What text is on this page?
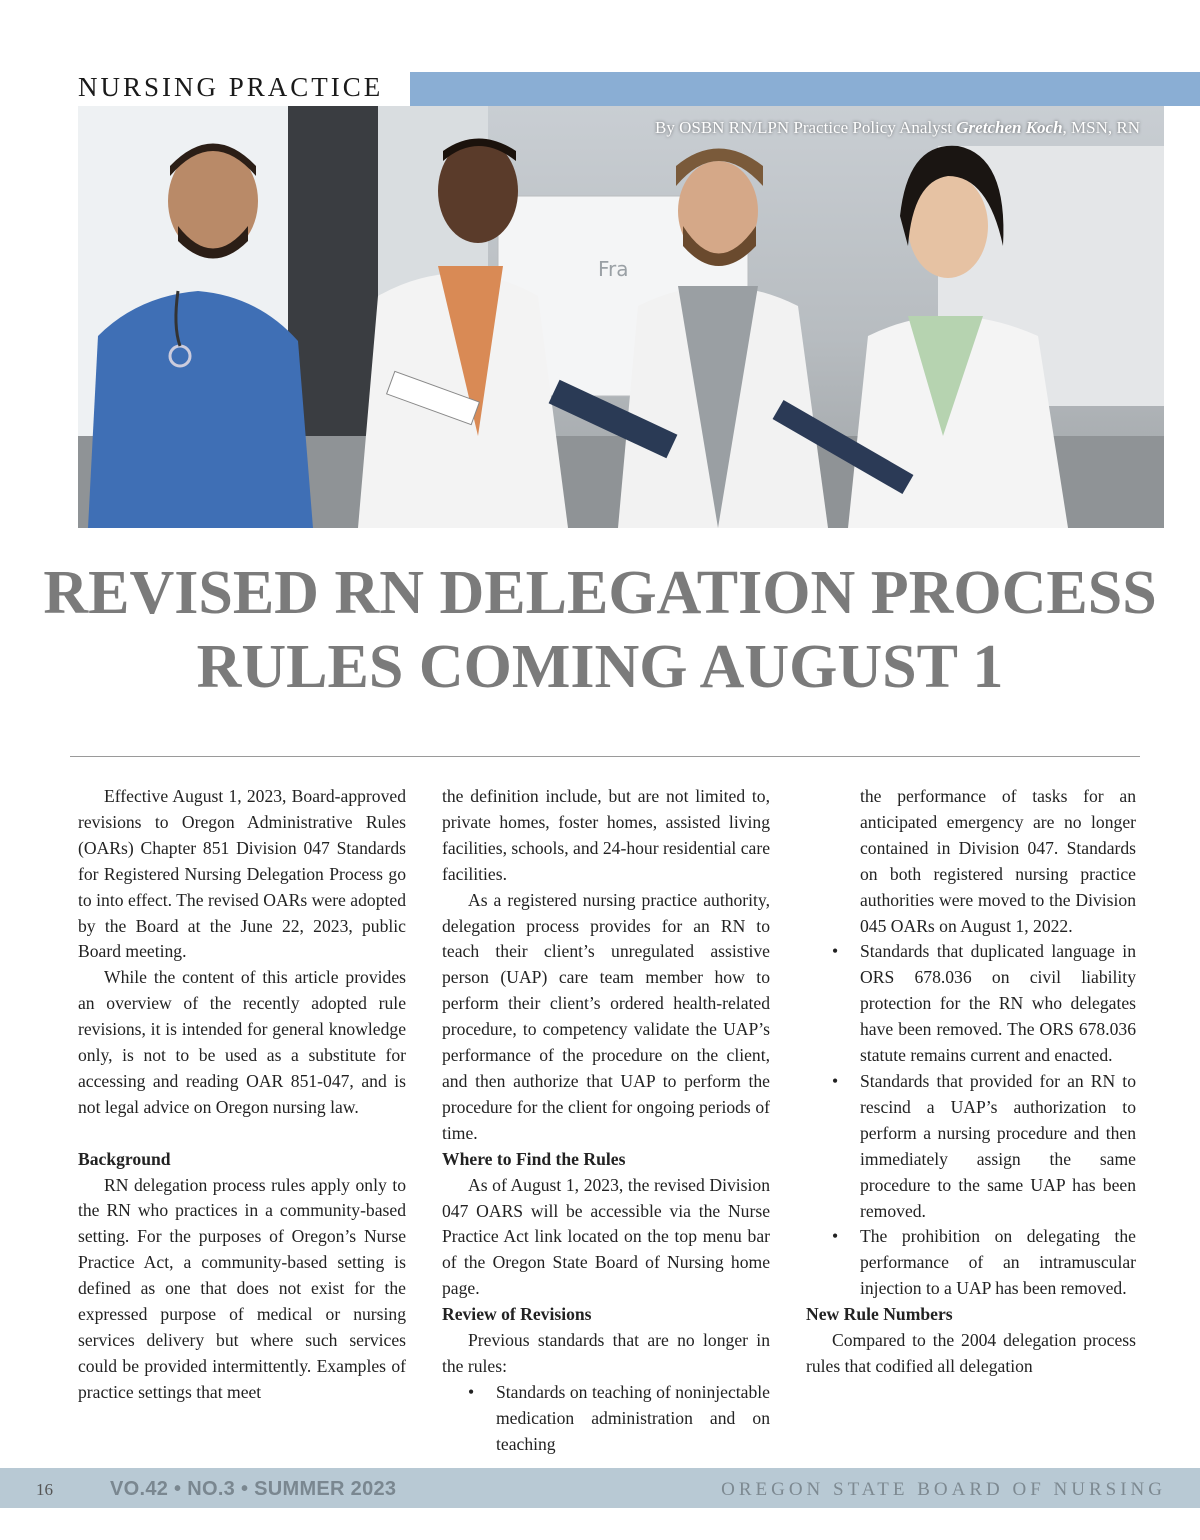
NURSING PRACTICE
Fra
By OSBN RN/LPN Practice Policy Analyst Gretchen Koch, MSN, RN
REVISED RN DELEGATION PROCESS
RULES COMING AUGUST 1

Effective August 1, 2023, Board-approved revisions to Oregon Administrative Rules (OARs) Chapter 851 Division 047 Standards for Registered Nursing Delegation Process go to into effect. The revised OARs were adopted by the Board at the June 22, 2023, public Board meeting.

While the content of this article provides an overview of the recently adopted rule revisions, it is intended for general knowledge only, is not to be used as a substitute for accessing and reading OAR 851-047, and is not legal advice on Oregon nursing law.

Background

RN delegation process rules apply only to the RN who practices in a community-based setting. For the purposes of Oregon’s Nurse Practice Act, a community-based setting is defined as one that does not exist for the expressed purpose of medical or nursing services delivery but where such services could be provided intermittently. Examples of practice settings that meet

the definition include, but are not limited to, private homes, foster homes, assisted living facilities, schools, and 24-hour residential care facilities.

As a registered nursing practice authority, delegation process provides for an RN to teach their client’s unregulated assistive person (UAP) care team member how to perform their client’s ordered health-related procedure, to competency validate the UAP’s performance of the procedure on the client, and then authorize that UAP to perform the procedure for the client for ongoing periods of time.

Where to Find the Rules

As of August 1, 2023, the revised Division 047 OARS will be accessible via the Nurse Practice Act link located on the top menu bar of the Oregon State Board of Nursing home page.

Review of Revisions

Previous standards that are no longer in the rules:

• Standards on teaching of noninjectable medication administration and on teaching

the performance of tasks for an anticipated emergency are no longer contained in Division 047. Standards on both registered nursing practice authorities were moved to the Division 045 OARs on August 1, 2022.

• Standards that duplicated language in ORS 678.036 on civil liability protection for the RN who delegates have been removed. The ORS 678.036 statute remains current and enacted.

• Standards that provided for an RN to rescind a UAP’s authorization to perform a nursing procedure and then immediately assign the same procedure to the same UAP has been removed.

• The prohibition on delegating the performance of an intramuscular injection to a UAP has been removed.

New Rule Numbers

Compared to the 2004 delegation process rules that codified all delegation

16	VO.42 • NO.3 • SUMMER 2023	OREGON STATE BOARD OF NURSING
